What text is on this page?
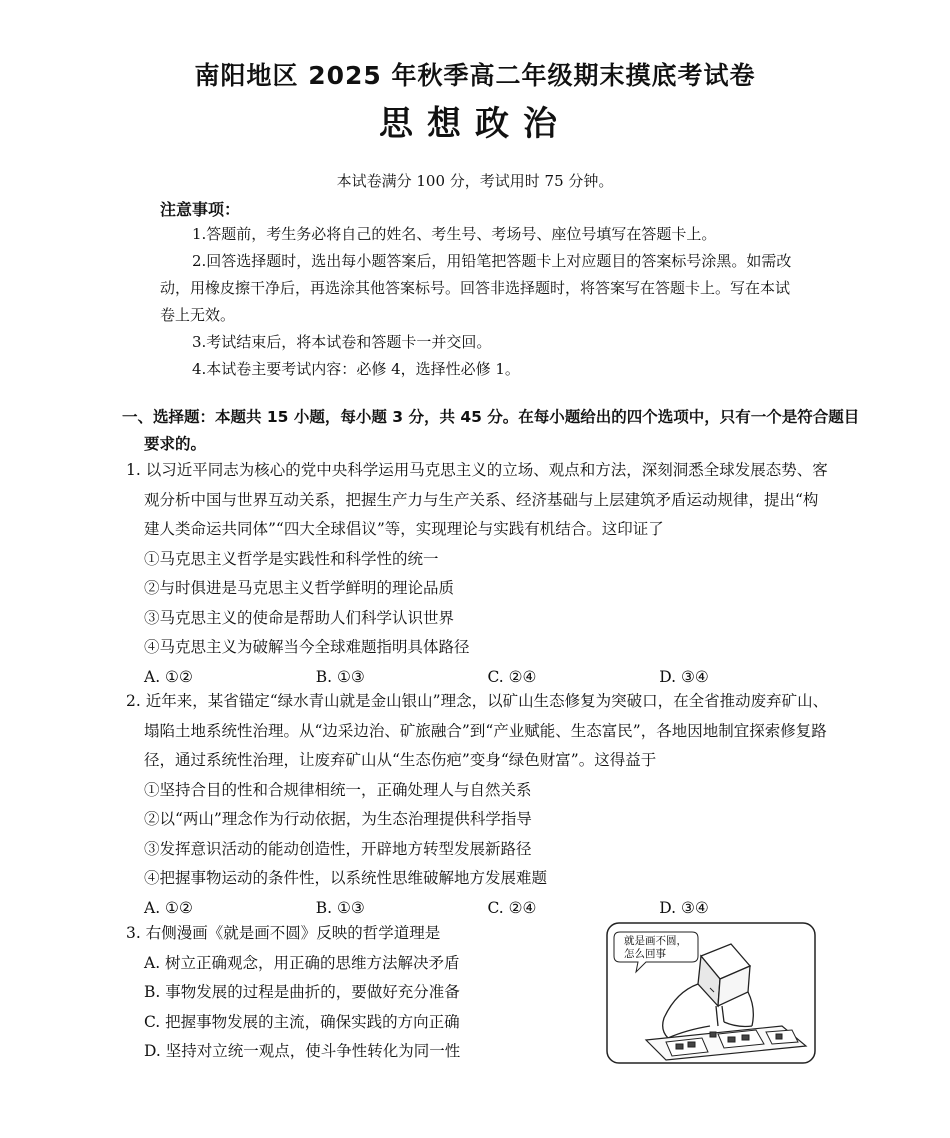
南阳地区 2025 年秋季高二年级期末摸底考试卷
思想政治
本试卷满分 100 分，考试用时 75 分钟。
注意事项：

1.答题前，考生务必将自己的姓名、考生号、考场号、座位号填写在答题卡上。

2.回答选择题时，选出每小题答案后，用铅笔把答题卡上对应题目的答案标号涂黑。如需改动，用橡皮擦干净后，再选涂其他答案标号。回答非选择题时，将答案写在答题卡上。写在本试卷上无效。

3.考试结束后，将本试卷和答题卡一并交回。

4.本试卷主要考试内容：必修 4，选择性必修 1。

一、选择题：本题共 15 小题，每小题 3 分，共 45 分。在每小题给出的四个选项中，只有一个是符合题目要求的。
1. 以习近平同志为核心的党中央科学运用马克思主义的立场、观点和方法，深刻洞悉全球发展态势、客观分析中国与世界互动关系，把握生产力与生产关系、经济基础与上层建筑矛盾运动规律，提出“构建人类命运共同体”“四大全球倡议”等，实现理论与实践有机结合。这印证了
①马克思主义哲学是实践性和科学性的统一
②与时俱进是马克思主义哲学鲜明的理论品质
③马克思主义的使命是帮助人们科学认识世界
④马克思主义为破解当今全球难题指明具体路径
A. ①②	B. ①③	C. ②④	D. ③④
2. 近年来，某省锚定“绿水青山就是金山银山”理念，以矿山生态修复为突破口，在全省推动废弃矿山、塌陷土地系统性治理。从“边采边治、矿旅融合”到“产业赋能、生态富民”，各地因地制宜探索修复路径，通过系统性治理，让废弃矿山从“生态伤疤”变身“绿色财富”。这得益于
①坚持合目的性和合规律相统一，正确处理人与自然关系
②以“两山”理念作为行动依据，为生态治理提供科学指导
③发挥意识活动的能动创造性，开辟地方转型发展新路径
④把握事物运动的条件性，以系统性思维破解地方发展难题
A. ①②	B. ①③	C. ②④	D. ③④
3. 右侧漫画《就是画不圆》反映的哲学道理是
A. 树立正确观念，用正确的思维方法解决矛盾
B. 事物发展的过程是曲折的，要做好充分准备
C. 把握事物发展的主流，确保实践的方向正确
D. 坚持对立统一观点，使斗争性转化为同一性
就是画不圆，
怎么回事
